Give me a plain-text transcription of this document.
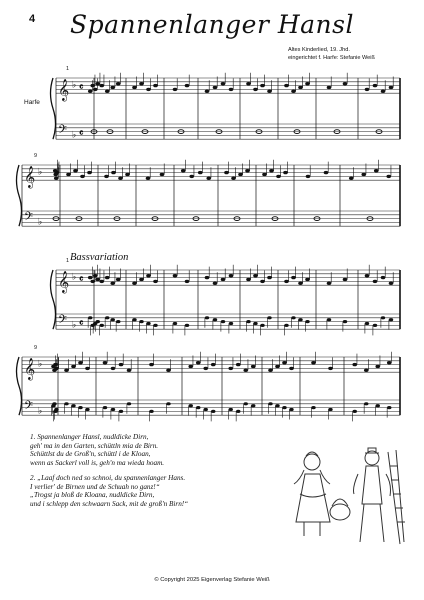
4	Spannenlanger Hansl
Altes Kinderlied, 19. Jhd.
eingerichtet f. Harfe: Stefanie Weiß
Harfe
Bassvariation
1
9
1
9
𝄞 ♭ 𝄴
𝄢 ♭ 𝄴
𝄞 ♭
𝄢 ♭
𝄞 ♭ 𝄴
𝄢 ♭ 𝄴
𝄞 ♭
𝄢 ♭
1. Spannenlanger Hansl, nudldicke Dirn,
geh' ma in den Garten, schüttln mia de Birn.
Schüttlst du de Groß'n, schüttl i de Kloan,
wenn as Sackerl voll is, geh'n ma wieda hoam.
2. „Laaf doch ned so schnoi, du spannenlanger Hans.
I verlier' de Birnen und de Schuah no ganz!“
„Trogst ja bloß de Kloana, nudldicke Dirn,
und i schlepp den schwaarn Sack, mit de groß'n Birn!“
© Copyright 2025 Eigenverlag Stefanie Weiß
